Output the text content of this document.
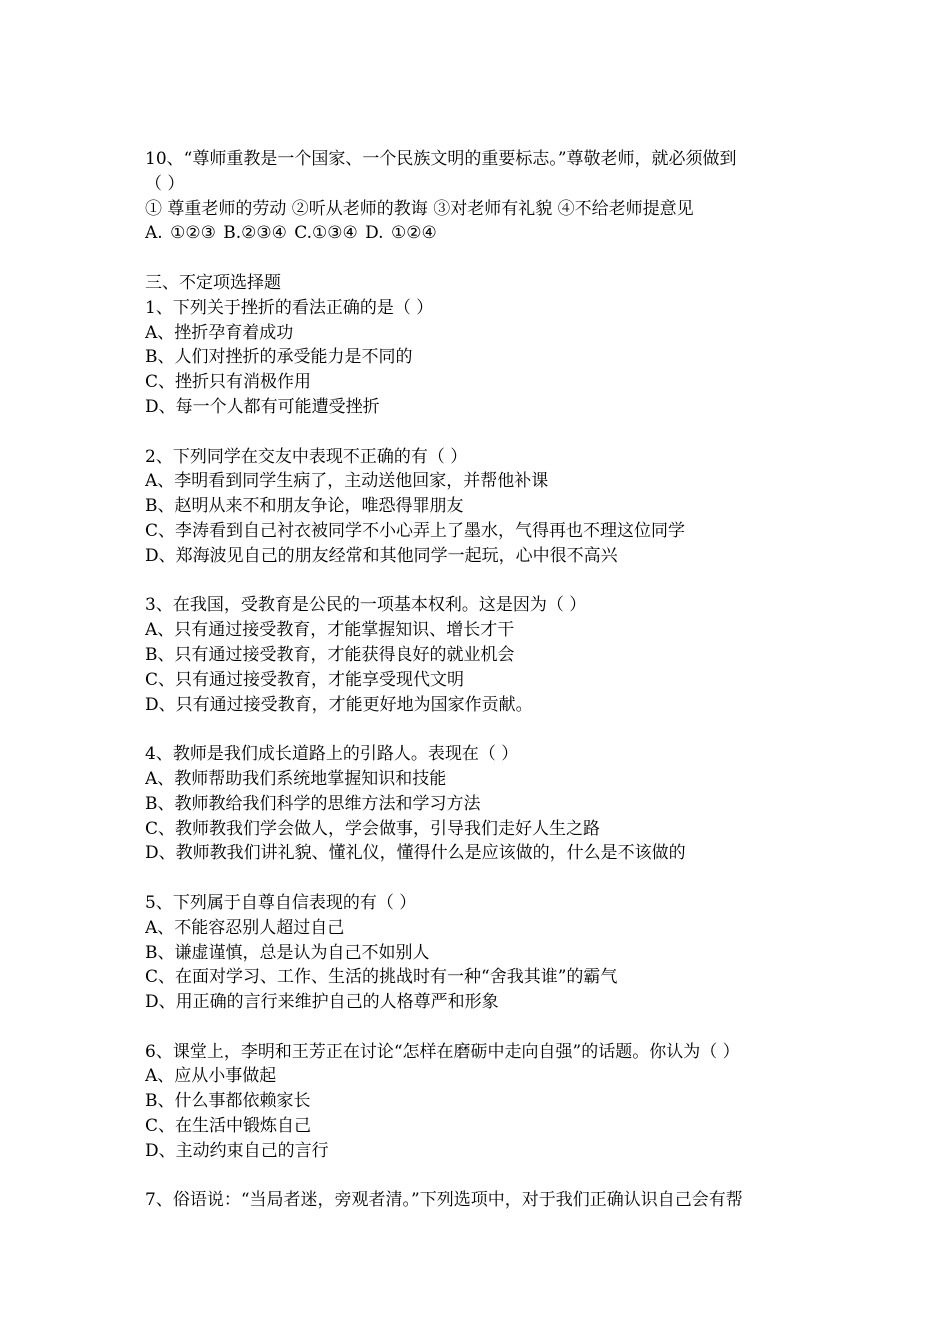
10、“尊师重教是一个国家、一个民族文明的重要标志。”尊敬老师，就必须做到
（ ）
① 尊重老师的劳动 ②听从老师的教诲 ③对老师有礼貌 ④不给老师提意见
A. ①②③ B.②③④ C.①③④ D. ①②④
三、不定项选择题
1、下列关于挫折的看法正确的是（ ）
A、挫折孕育着成功
B、人们对挫折的承受能力是不同的
C、挫折只有消极作用
D、每一个人都有可能遭受挫折
2、下列同学在交友中表现不正确的有（ ）
A、李明看到同学生病了，主动送他回家，并帮他补课
B、赵明从来不和朋友争论，唯恐得罪朋友
C、李涛看到自己衬衣被同学不小心弄上了墨水，气得再也不理这位同学
D、郑海波见自己的朋友经常和其他同学一起玩，心中很不高兴
3、在我国，受教育是公民的一项基本权利。这是因为（ ）
A、只有通过接受教育，才能掌握知识、增长才干
B、只有通过接受教育，才能获得良好的就业机会
C、只有通过接受教育，才能享受现代文明
D、只有通过接受教育，才能更好地为国家作贡献。
4、教师是我们成长道路上的引路人。表现在（ ）
A、教师帮助我们系统地掌握知识和技能
B、教师教给我们科学的思维方法和学习方法
C、教师教我们学会做人，学会做事，引导我们走好人生之路
D、教师教我们讲礼貌、懂礼仪，懂得什么是应该做的，什么是不该做的
5、下列属于自尊自信表现的有（ ）
A、不能容忍别人超过自己
B、谦虚谨慎，总是认为自己不如别人
C、在面对学习、工作、生活的挑战时有一种“舍我其谁”的霸气
D、用正确的言行来维护自己的人格尊严和形象
6、课堂上，李明和王芳正在讨论“怎样在磨砺中走向自强”的话题。你认为（ ）
A、应从小事做起
B、什么事都依赖家长
C、在生活中锻炼自己
D、主动约束自己的言行
7、俗语说：“当局者迷，旁观者清。”下列选项中，对于我们正确认识自己会有帮
